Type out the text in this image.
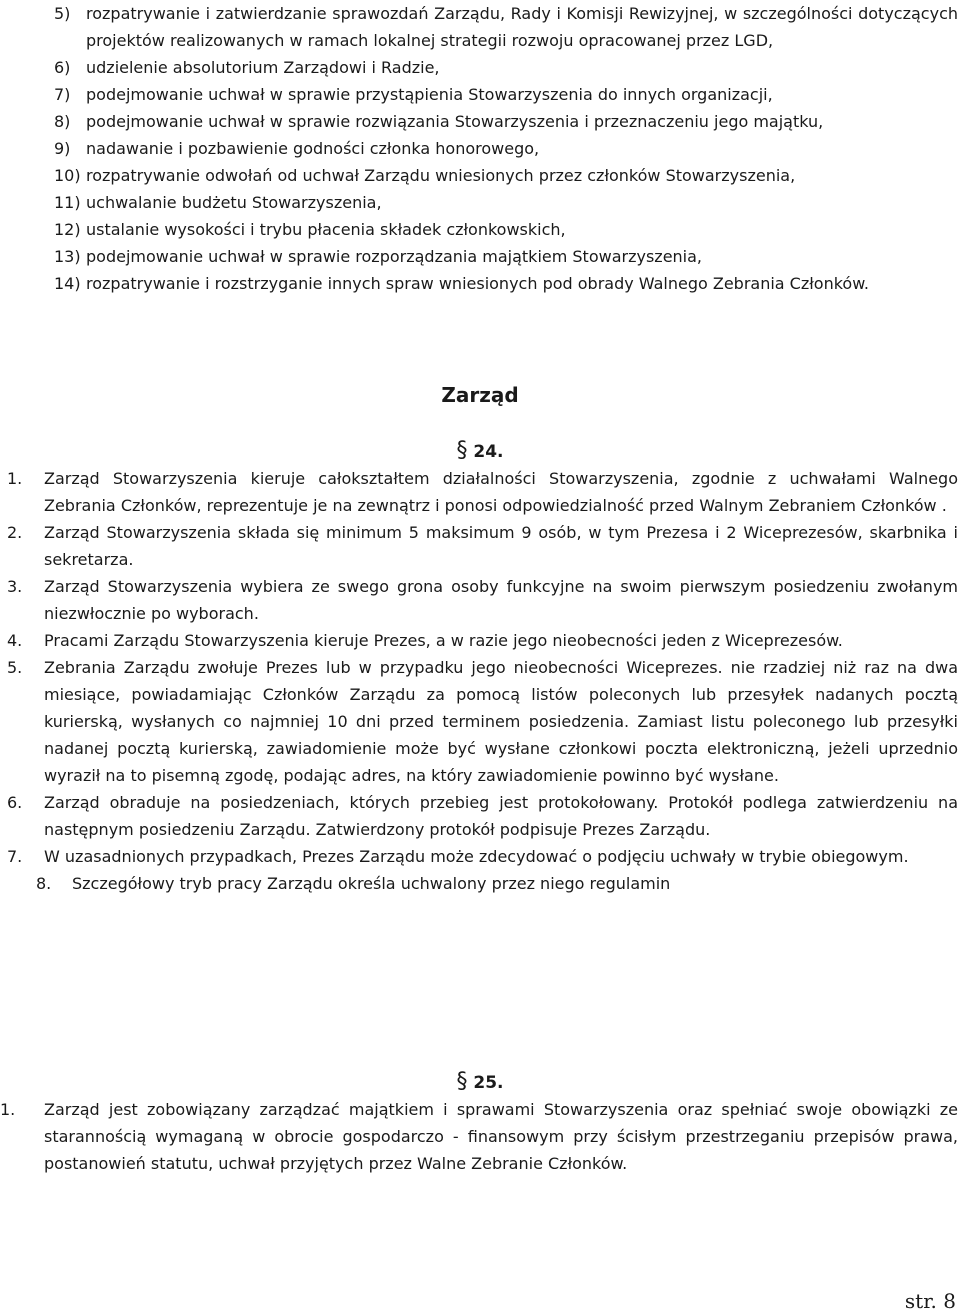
5) rozpatrywanie i zatwierdzanie sprawozdań Zarządu, Rady i Komisji Rewizyjnej, w szczególności dotyczących projektów realizowanych w ramach lokalnej strategii rozwoju opracowanej przez LGD,
6) udzielenie absolutorium Zarządowi i Radzie,
7) podejmowanie uchwał w sprawie przystąpienia Stowarzyszenia do innych organizacji,
8) podejmowanie uchwał w sprawie rozwiązania Stowarzyszenia i przeznaczeniu jego majątku,
9) nadawanie i pozbawienie godności członka honorowego,
10) rozpatrywanie odwołań od uchwał Zarządu wniesionych przez członków Stowarzyszenia,
11) uchwalanie budżetu Stowarzyszenia,
12) ustalanie wysokości i trybu płacenia składek członkowskich,
13) podejmowanie uchwał w sprawie rozporządzania majątkiem Stowarzyszenia,
14) rozpatrywanie i rozstrzyganie innych spraw wniesionych pod obrady Walnego Zebrania Członków.
Zarząd
§ 24.
1. Zarząd Stowarzyszenia kieruje całokształtem działalności Stowarzyszenia, zgodnie z uchwałami Walnego Zebrania Członków, reprezentuje je na zewnątrz i ponosi odpowiedzialność przed Walnym Zebraniem Członków .
2. Zarząd Stowarzyszenia składa się minimum 5 maksimum 9 osób, w tym Prezesa i 2 Wiceprezesów, skarbnika i sekretarza.
3. Zarząd Stowarzyszenia wybiera ze swego grona osoby funkcyjne na swoim pierwszym posiedzeniu zwołanym niezwłocznie po wyborach.
4. Pracami Zarządu Stowarzyszenia kieruje Prezes, a w razie jego nieobecności jeden z Wiceprezesów.
5. Zebrania Zarządu zwołuje Prezes lub w przypadku jego nieobecności Wiceprezes. nie rzadziej niż raz na dwa miesiące, powiadamiając Członków Zarządu za pomocą listów poleconych lub przesyłek nadanych pocztą kurierską, wysłanych co najmniej 10 dni przed terminem posiedzenia. Zamiast listu poleconego lub przesyłki nadanej pocztą kurierską, zawiadomienie może być wysłane członkowi poczta elektroniczną, jeżeli uprzednio wyraził na to pisemną zgodę, podając adres, na który zawiadomienie powinno być wysłane.
6. Zarząd obraduje na posiedzeniach, których przebieg jest protokołowany. Protokół podlega zatwierdzeniu na następnym posiedzeniu Zarządu. Zatwierdzony protokół podpisuje Prezes Zarządu.
7. W uzasadnionych przypadkach, Prezes Zarządu może zdecydować o podjęciu uchwały w trybie obiegowym.
8. Szczegółowy tryb pracy Zarządu określa uchwalony przez niego regulamin
§ 25.
1. Zarząd jest zobowiązany zarządzać majątkiem i sprawami Stowarzyszenia oraz spełniać swoje obowiązki ze starannością wymaganą w obrocie gospodarczo - finansowym przy ścisłym przestrzeganiu przepisów prawa, postanowień statutu, uchwał przyjętych przez Walne Zebranie Członków.
str. 8
